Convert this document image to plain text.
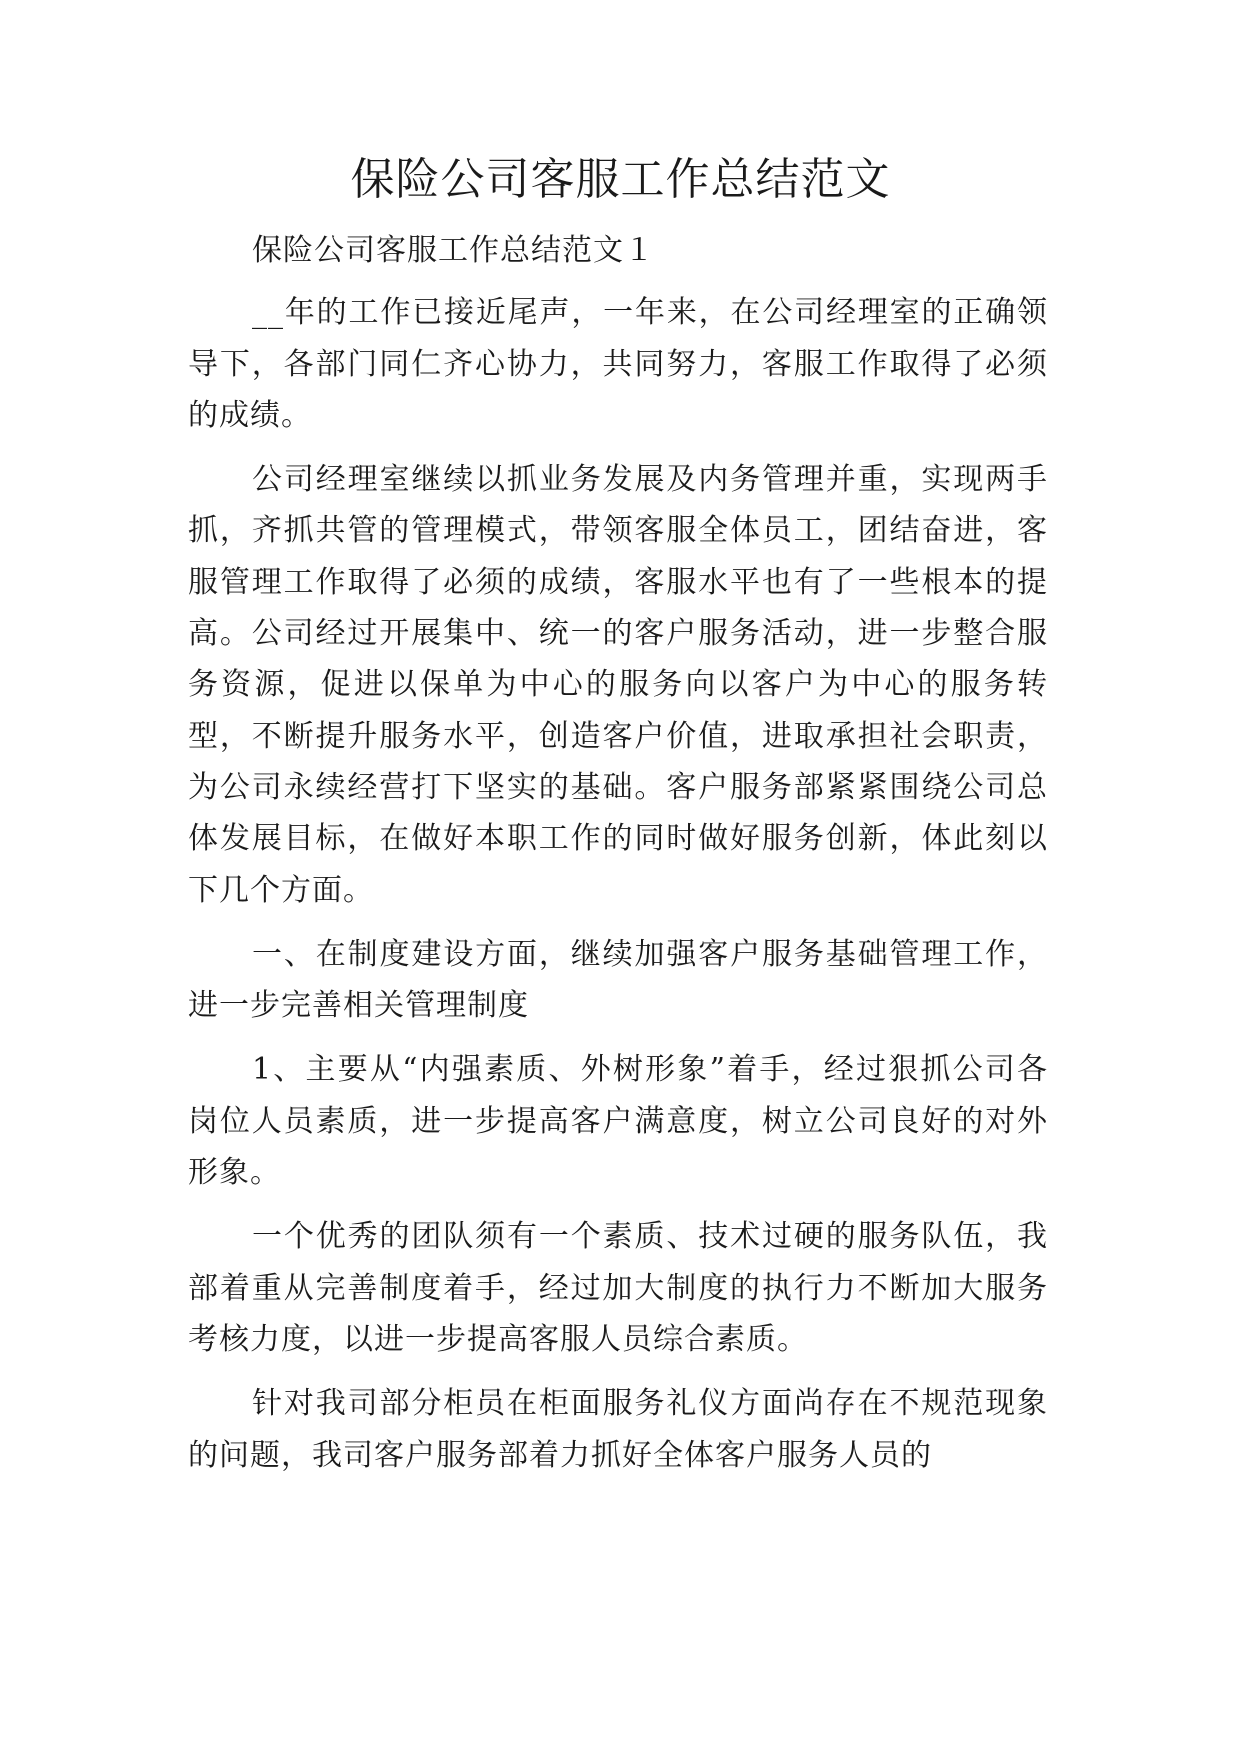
保险公司客服工作总结范文

保险公司客服工作总结范文１

__年的工作已接近尾声，一年来，在公司经理室的正确领导下，各部门同仁齐心协力，共同努力，客服工作取得了必须的成绩。

公司经理室继续以抓业务发展及内务管理并重，实现两手抓，齐抓共管的管理模式，带领客服全体员工，团结奋进，客服管理工作取得了必须的成绩，客服水平也有了一些根本的提高。公司经过开展集中、统一的客户服务活动，进一步整合服务资源，促进以保单为中心的服务向以客户为中心的服务转型，不断提升服务水平，创造客户价值，进取承担社会职责，为公司永续经营打下坚实的基础。客户服务部紧紧围绕公司总体发展目标，在做好本职工作的同时做好服务创新，体此刻以下几个方面。

一、在制度建设方面，继续加强客户服务基础管理工作，进一步完善相关管理制度

1、主要从“内强素质、外树形象”着手，经过狠抓公司各岗位人员素质，进一步提高客户满意度，树立公司良好的对外形象。

一个优秀的团队须有一个素质、技术过硬的服务队伍，我部着重从完善制度着手，经过加大制度的执行力不断加大服务考核力度，以进一步提高客服人员综合素质。

针对我司部分柜员在柜面服务礼仪方面尚存在不规范现象的问题，我司客户服务部着力抓好全体客户服务人员的
